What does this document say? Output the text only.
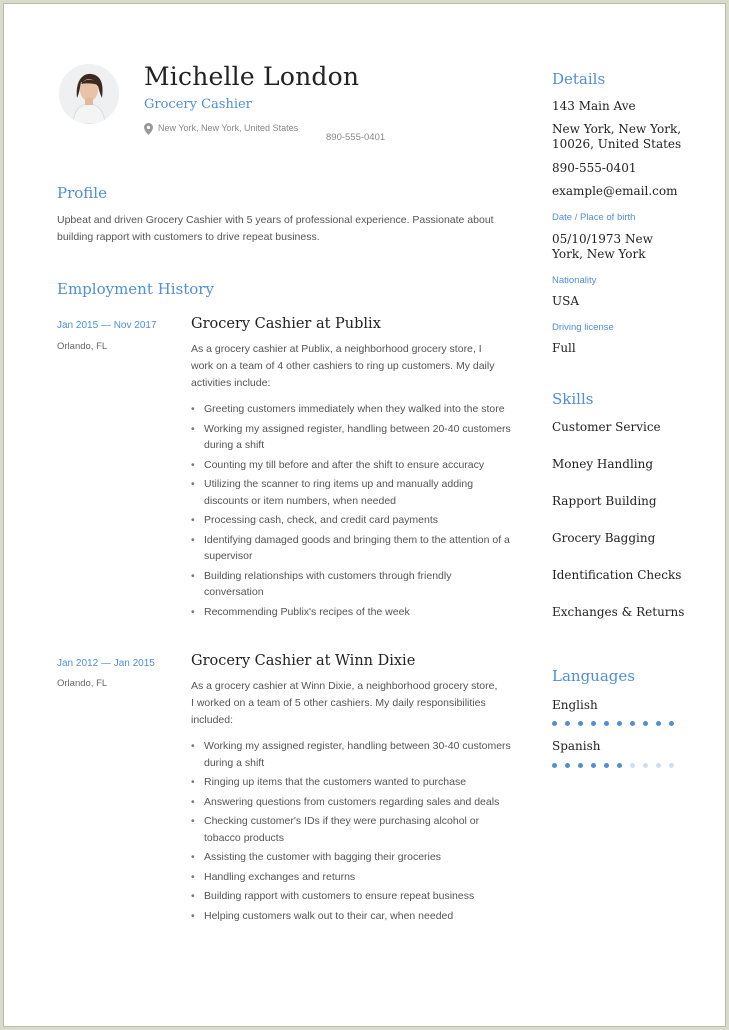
Michelle London
Grocery Cashier
New York, New York, United States
890-555-0401
Profile
Upbeat and driven Grocery Cashier with 5 years of professional experience. Passionate about building rapport with customers to drive repeat business.
Employment History
Jan 2015 — Nov 2017
Orlando, FL
Grocery Cashier at Publix
As a grocery cashier at Publix, a neighborhood grocery store, I work on a team of 4 other cashiers to ring up customers. My daily activities include:
• Greeting customers immediately when they walked into the store
• Working my assigned register, handling between 20-40 customers during a shift
• Counting my till before and after the shift to ensure accuracy
• Utilizing the scanner to ring items up and manually adding discounts or item numbers, when needed
• Processing cash, check, and credit card payments
• Identifying damaged goods and bringing them to the attention of a supervisor
• Building relationships with customers through friendly conversation
• Recommending Publix's recipes of the week
Jan 2012 — Jan 2015
Orlando, FL
Grocery Cashier at Winn Dixie
As a grocery cashier at Winn Dixie, a neighborhood grocery store, I worked on a team of 5 other cashiers. My daily responsibilities included:
• Working my assigned register, handling between 30-40 customers during a shift
• Ringing up items that the customers wanted to purchase
• Answering questions from customers regarding sales and deals
• Checking customer's IDs if they were purchasing alcohol or tobacco products
• Assisting the customer with bagging their groceries
• Handling exchanges and returns
• Building rapport with customers to ensure repeat business
• Helping customers walk out to their car, when needed
Details
143 Main Ave
New York, New York, 10026, United States
890-555-0401
example@email.com
Date / Place of birth
05/10/1973 New York, New York
Nationality
USA
Driving license
Full
Skills
Customer Service
Money Handling
Rapport Building
Grocery Bagging
Identification Checks
Exchanges & Returns
Languages
English
Spanish
